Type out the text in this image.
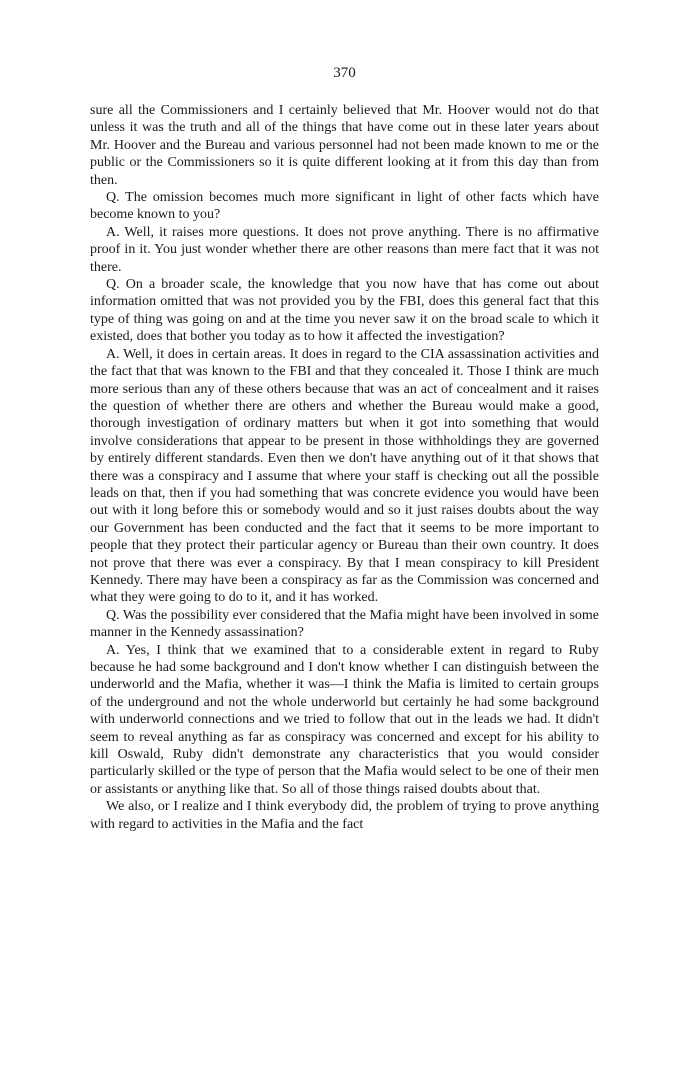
370

sure all the Commissioners and I certainly believed that Mr. Hoover would not do that unless it was the truth and all of the things that have come out in these later years about Mr. Hoover and the Bureau and various personnel had not been made known to me or the public or the Commissioners so it is quite different looking at it from this day than from then.

Q. The omission becomes much more significant in light of other facts which have become known to you?

A. Well, it raises more questions. It does not prove anything. There is no affirmative proof in it. You just wonder whether there are other reasons than mere fact that it was not there.

Q. On a broader scale, the knowledge that you now have that has come out about information omitted that was not provided you by the FBI, does this general fact that this type of thing was going on and at the time you never saw it on the broad scale to which it existed, does that bother you today as to how it affected the investigation?

A. Well, it does in certain areas. It does in regard to the CIA assassination activities and the fact that that was known to the FBI and that they concealed it. Those I think are much more serious than any of these others because that was an act of concealment and it raises the question of whether there are others and whether the Bureau would make a good, thorough investigation of ordinary matters but when it got into something that would involve considerations that appear to be present in those withholdings they are governed by entirely different standards. Even then we don't have anything out of it that shows that there was a conspiracy and I assume that where your staff is checking out all the possible leads on that, then if you had something that was concrete evidence you would have been out with it long before this or somebody would and so it just raises doubts about the way our Government has been conducted and the fact that it seems to be more important to people that they protect their particular agency or Bureau than their own country. It does not prove that there was ever a conspiracy. By that I mean conspiracy to kill President Kennedy. There may have been a conspiracy as far as the Commission was concerned and what they were going to do to it, and it has worked.

Q. Was the possibility ever considered that the Mafia might have been involved in some manner in the Kennedy assassination?

A. Yes, I think that we examined that to a considerable extent in regard to Ruby because he had some background and I don't know whether I can distinguish between the underworld and the Mafia, whether it was—I think the Mafia is limited to certain groups of the underground and not the whole underworld but certainly he had some background with underworld connections and we tried to follow that out in the leads we had. It didn't seem to reveal anything as far as conspiracy was concerned and except for his ability to kill Oswald, Ruby didn't demonstrate any characteristics that you would consider particularly skilled or the type of person that the Mafia would select to be one of their men or assistants or anything like that. So all of those things raised doubts about that.

We also, or I realize and I think everybody did, the problem of trying to prove anything with regard to activities in the Mafia and the fact
